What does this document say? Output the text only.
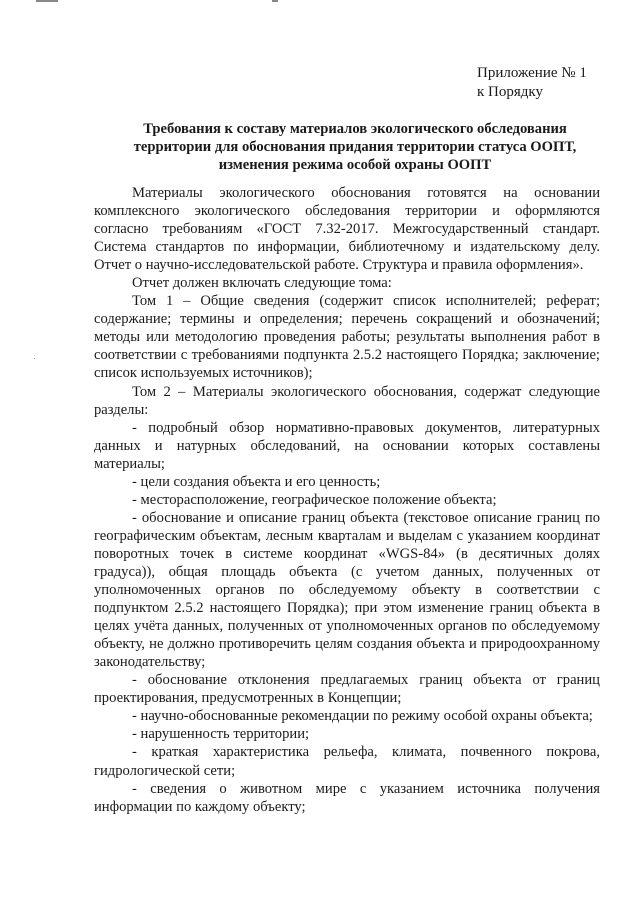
Приложение № 1
к Порядку
Требования к составу материалов экологического обследования
территории для обоснования придания территории статуса ООПТ,
изменения режима особой охраны ООПТ

Материалы экологического обоснования готовятся на основании комплексного экологического обследования территории и оформляются согласно требованиям «ГОСТ 7.32-2017. Межгосударственный стандарт. Система стандартов по информации, библиотечному и издательскому делу. Отчет о научно-исследовательской работе. Структура и правила оформления».

Отчет должен включать следующие тома:

Том 1 – Общие сведения (содержит список исполнителей; реферат; содержание; термины и определения; перечень сокращений и обозначений; методы или методологию проведения работы; результаты выполнения работ в соответствии с требованиями подпункта 2.5.2 настоящего Порядка; заключение; список используемых источников);

Том 2 – Материалы экологического обоснования, содержат следующие разделы:

- подробный обзор нормативно-правовых документов, литературных данных и натурных обследований, на основании которых составлены материалы;

- цели создания объекта и его ценность;

- месторасположение, географическое положение объекта;

- обоснование и описание границ объекта (текстовое описание границ по географическим объектам, лесным кварталам и выделам с указанием координат поворотных точек в системе координат «WGS-84» (в десятичных долях градуса)), общая площадь объекта (с учетом данных, полученных от уполномоченных органов по обследуемому объекту в соответствии с подпунктом 2.5.2 настоящего Порядка); при этом изменение границ объекта в целях учёта данных, полученных от уполномоченных органов по обследуемому объекту, не должно противоречить целям создания объекта и природоохранному законодательству;

- обоснование отклонения предлагаемых границ объекта от границ проектирования, предусмотренных в Концепции;

- научно-обоснованные рекомендации по режиму особой охраны объекта;

- нарушенность территории;

- краткая характеристика рельефа, климата, почвенного покрова, гидрологической сети;

- сведения о животном мире с указанием источника получения информации по каждому объекту;
